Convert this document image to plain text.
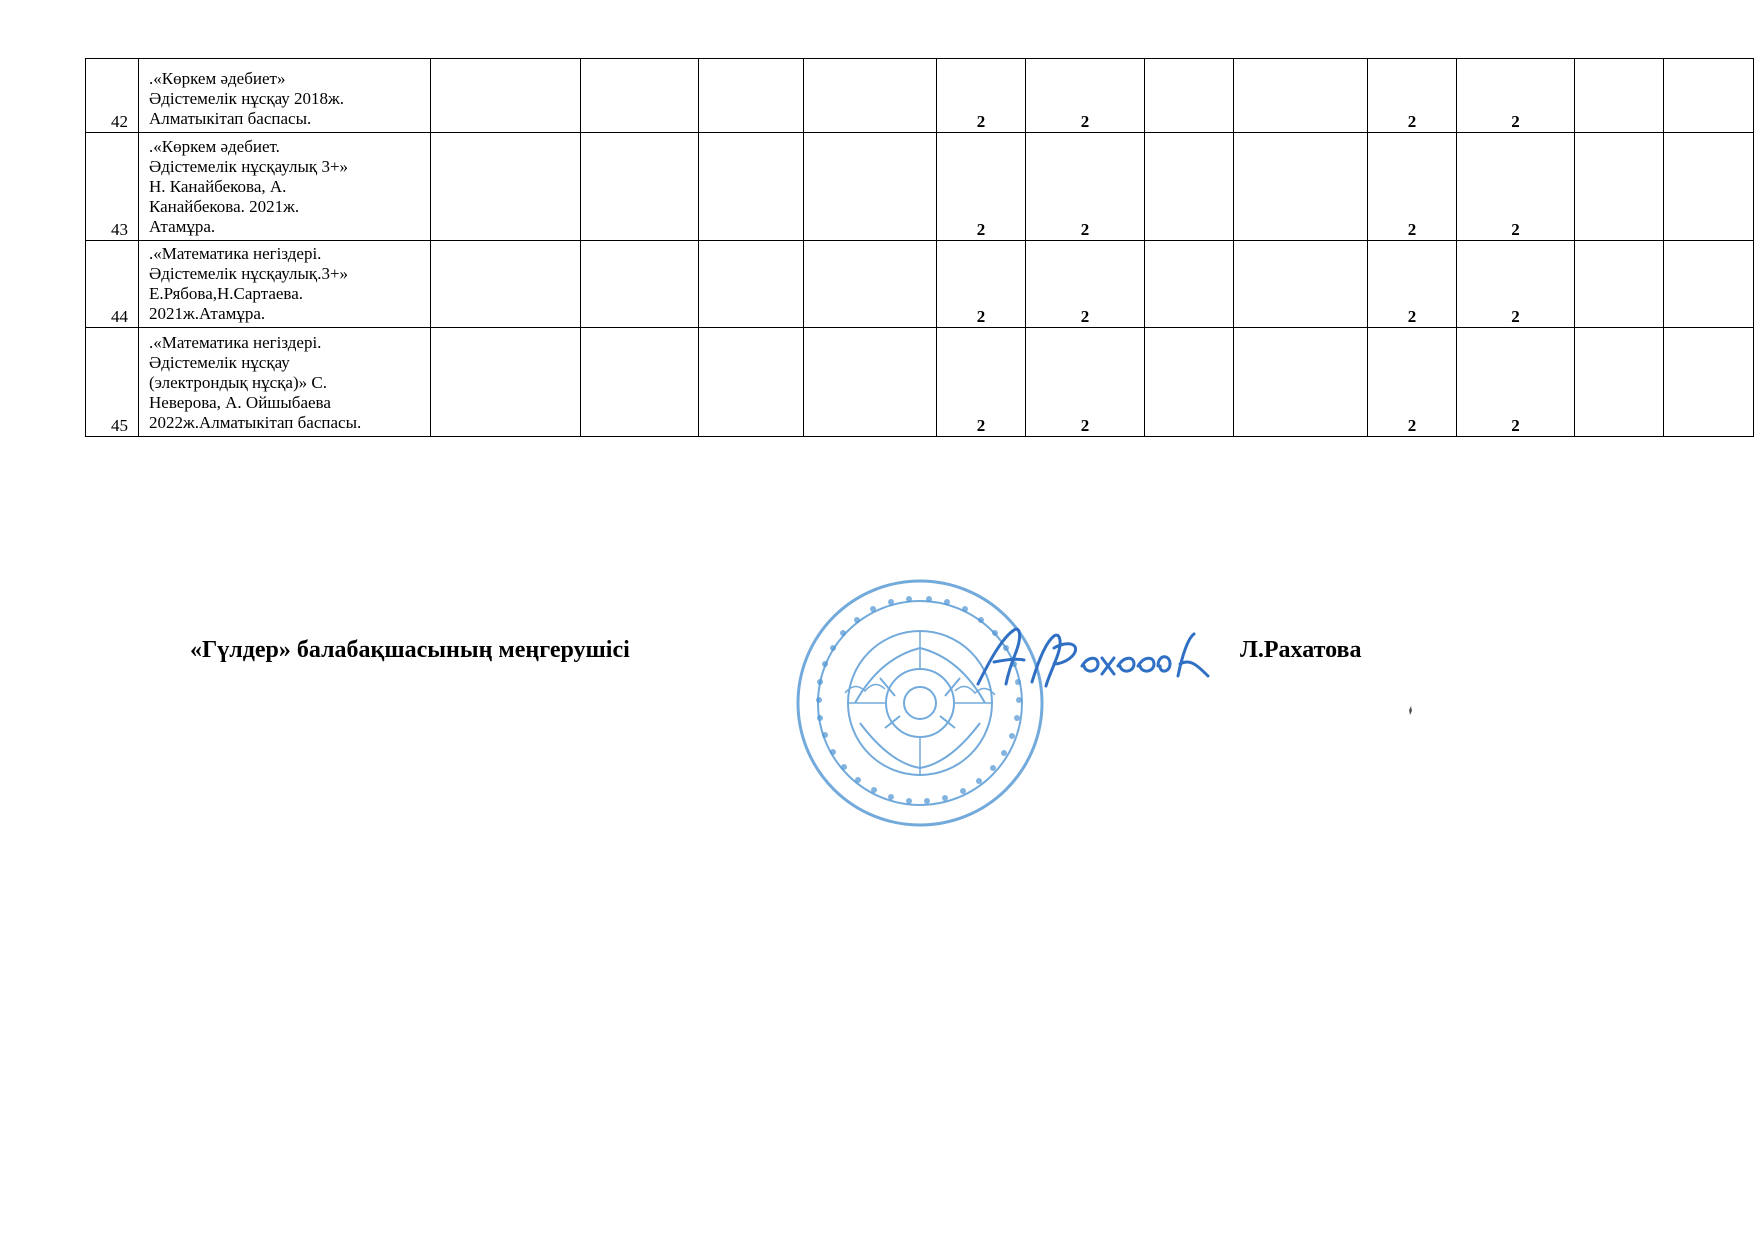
42	.«Көркем әдебиет»
Әдістемелік нұсқау 2018ж.
Алматыкітап баспасы.					2	2			2	2		
43	.«Көркем әдебиет.
Әдістемелік нұсқаулық 3+»
Н. Канайбекова, А.
Канайбекова. 2021ж.
Атамұра.					2	2			2	2		
44	.«Математика негіздері.
Әдістемелік нұсқаулық.3+»
Е.Рябова,Н.Сартаева.
2021ж.Атамұра.					2	2			2	2		
45	.«Математика негіздері.
Әдістемелік нұсқау
(электрондық нұсқа)» С.
Неверова, А. Ойшыбаева
2022ж.Алматыкітап баспасы.					2	2			2	2		
«Гүлдер» балабақшасының меңгерушісі	Л.Рахатова
